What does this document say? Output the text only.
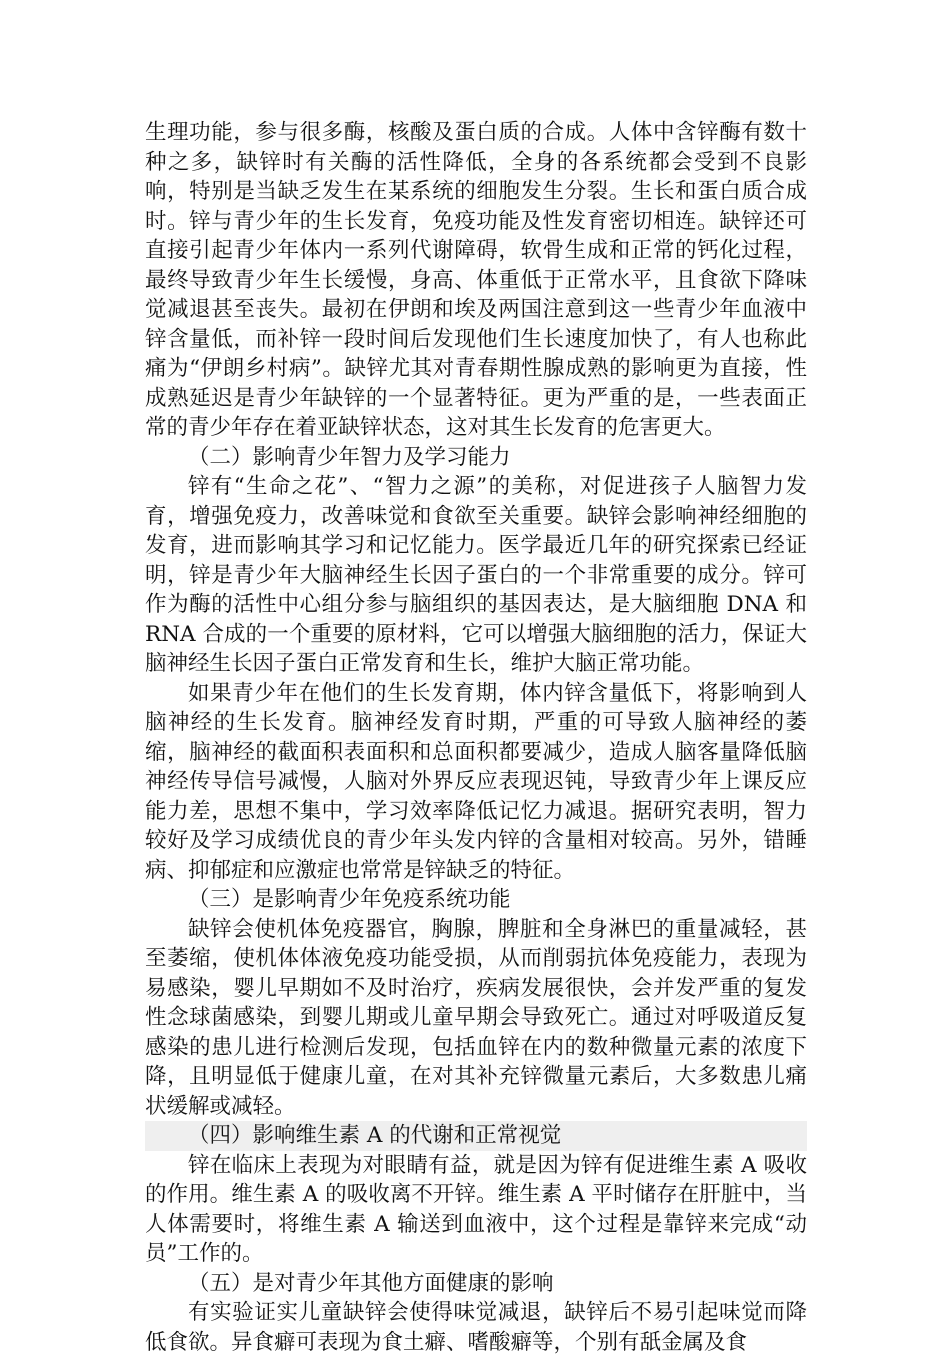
生理功能，参与很多酶，核酸及蛋白质的合成。人体中含锌酶有数十种之多，缺锌时有关酶的活性降低，全身的各系统都会受到不良影响，特别是当缺乏发生在某系统的细胞发生分裂。生长和蛋白质合成时。锌与青少年的生长发育，免疫功能及性发育密切相连。缺锌还可直接引起青少年体内一系列代谢障碍，软骨生成和正常的钙化过程，最终导致青少年生长缓慢，身高、体重低于正常水平，且食欲下降味觉减退甚至丧失。最初在伊朗和埃及两国注意到这一些青少年血液中锌含量低，而补锌一段时间后发现他们生长速度加快了，有人也称此痛为“伊朗乡村病”。缺锌尤其对青春期性腺成熟的影响更为直接，性成熟延迟是青少年缺锌的一个显著特征。更为严重的是，一些表面正常的青少年存在着亚缺锌状态，这对其生长发育的危害更大。

（二）影响青少年智力及学习能力

锌有“生命之花”、“智力之源”的美称，对促进孩子人脑智力发育，增强免疫力，改善味觉和食欲至关重要。缺锌会影响神经细胞的发育，进而影响其学习和记忆能力。医学最近几年的研究探索已经证明，锌是青少年大脑神经生长因子蛋白的一个非常重要的成分。锌可作为酶的活性中心组分参与脑组织的基因表达，是大脑细胞 DNA 和 RNA 合成的一个重要的原材料，它可以增强大脑细胞的活力，保证大脑神经生长因子蛋白正常发育和生长，维护大脑正常功能。

如果青少年在他们的生长发育期，体内锌含量低下，将影响到人脑神经的生长发育。脑神经发育时期，严重的可导致人脑神经的萎缩，脑神经的截面积表面积和总面积都要减少，造成人脑客量降低脑神经传导信号减慢，人脑对外界反应表现迟钝，导致青少年上课反应能力差，思想不集中，学习效率降低记忆力减退。据研究表明，智力较好及学习成绩优良的青少年头发内锌的含量相对较高。另外，错睡病、抑郁症和应激症也常常是锌缺乏的特征。

（三）是影响青少年免疫系统功能

缺锌会使机体免疫器官，胸腺，脾脏和全身淋巴的重量减轻，甚至萎缩，使机体体液免疫功能受损，从而削弱抗体免疫能力，表现为易感染，婴儿早期如不及时治疗，疾病发展很快，会并发严重的复发性念球菌感染，到婴儿期或儿童早期会导致死亡。通过对呼吸道反复感染的患儿进行检测后发现，包括血锌在内的数种微量元素的浓度下降，且明显低于健康儿童，在对其补充锌微量元素后，大多数患儿痛状缓解或减轻。

（四）影响维生素 A 的代谢和正常视觉

锌在临床上表现为对眼睛有益，就是因为锌有促进维生素 A 吸收的作用。维生素 A 的吸收离不开锌。维生素 A 平时储存在肝脏中，当人体需要时，将维生素 A 输送到血液中，这个过程是靠锌来完成“动员”工作的。

（五）是对青少年其他方面健康的影响

有实验证实儿童缺锌会使得味觉减退，缺锌后不易引起味觉而降低食欲。异食癖可表现为食土癖、嗜酸癖等，个别有舐金属及食
